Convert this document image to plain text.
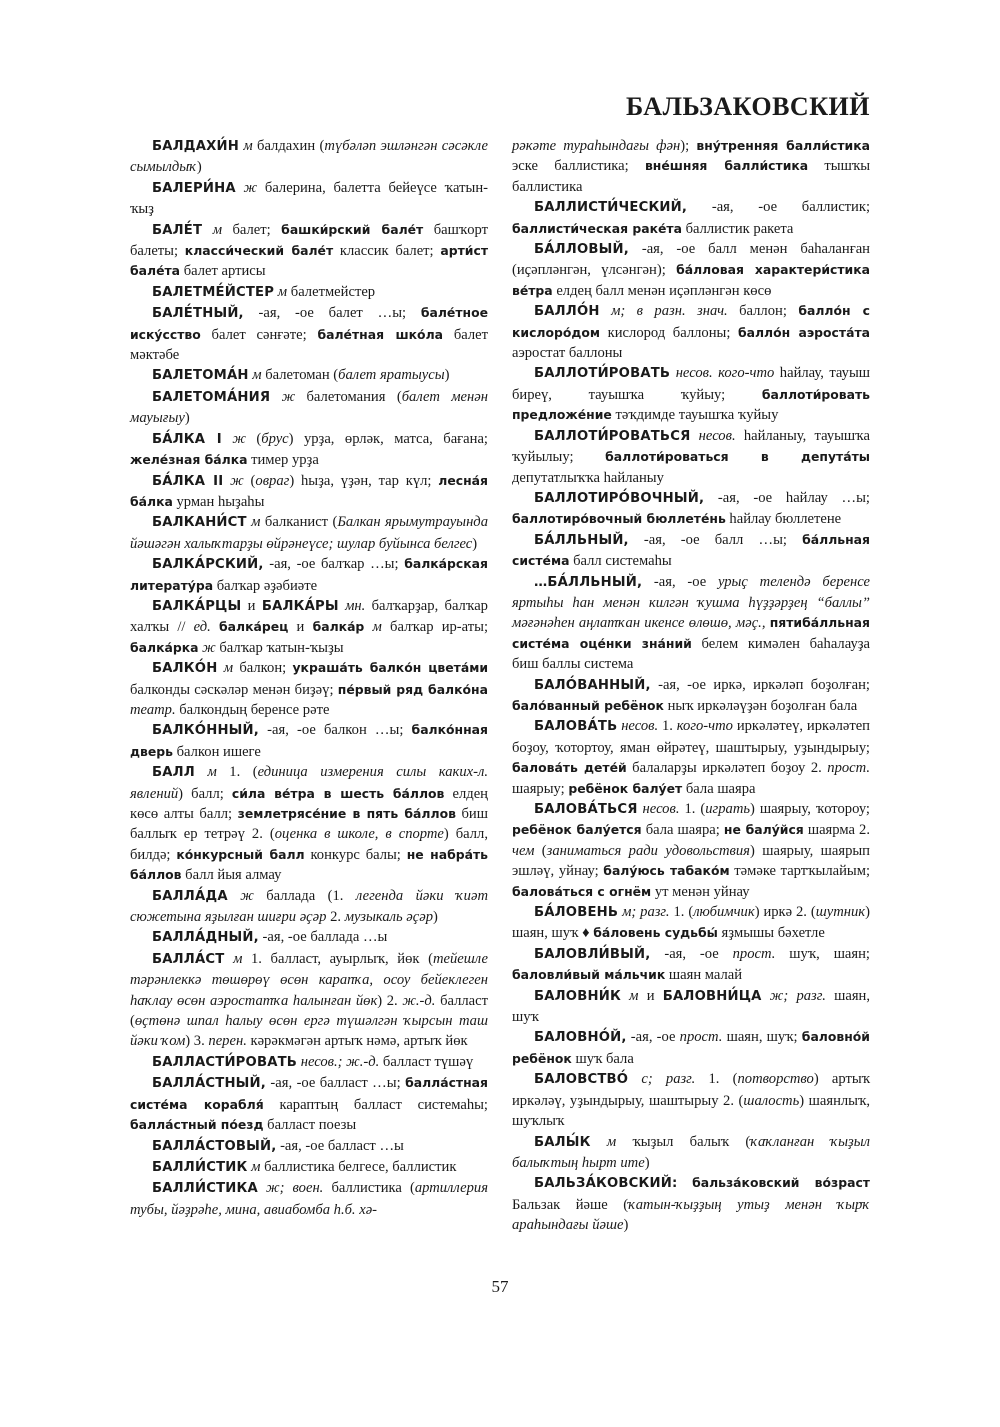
БАЛЬЗАКОВСКИЙ

БАЛДАХИ́Н м балдахин (түбәләп эшләнгән сәсәкле сымылдыҡ)

БАЛЕРИ́НА ж балерина, балетта бейеүсе ҡатын-ҡыҙ

БАЛЕ́Т м балет; башки́рский бале́т башҡорт балеты; класси́ческий бале́т классик балет; арти́ст бале́та балет артисы

БАЛЕТМЕ́ЙСТЕР м балетмейстер

БАЛЕ́ТНЫЙ, -ая, -ое балет …ы; бале́тное иску́сство балет сәнғәте; бале́тная шко́ла балет мәктәбе

БАЛЕТОМА́Н м балетоман (балет яратыусы)

БАЛЕТОМА́НИЯ ж балетомания (балет менән мауығыу)

БА́ЛКА I ж (брус) урҙа, өрләк, матса, бағана; желе́зная ба́лка тимер урҙа

БА́ЛКА II ж (овраг) һыҙа, үҙән, тар күл; лесна́я ба́лка урман һыҙаһы

БАЛКАНИ́СТ м балканист (Балкан ярымутрауында йәшәгән халыҡтарҙы өйрәнеүсе; шулар буйынса белгес)

БАЛКА́РСКИЙ, -ая, -ое балҡар …ы; балка́рская литерату́ра балҡар әҙәбиәте

БАЛКА́РЦЫ и БАЛКА́РЫ мн. балҡарҙар, балҡар халҡы // ед. балка́рец и балка́р м балҡар ир-аты; балка́рка ж балҡар ҡатын-ҡыҙы

БАЛКО́Н м балкон; украша́ть балко́н цвета́ми балконды сәскәләр менән биҙәү; пе́рвый ряд балко́на театр. балкондың беренсе рәте

БАЛКО́ННЫЙ, -ая, -ое балкон …ы; балко́нная дверь балкон ишеге

БАЛЛ м 1. (единица измерения силы каких-л. явлений) балл; си́ла ве́тра в шесть ба́ллов елдең көсө алты балл; землетрясе́ние в пять ба́ллов биш баллыҡ ер тетрәү 2. (оценка в школе, в спорте) балл, билдә; ко́нкурсный балл конкурс балы; не набра́ть ба́ллов балл йыя алмау

БАЛЛА́ДА ж баллада (1. легенда йәки ҡиәт сюжетына яҙылған шиғри әҫәр 2. музыкаль әҫәр)

БАЛЛА́ДНЫЙ, -ая, -ое баллада …ы

БАЛЛА́СТ м 1. балласт, ауырлыҡ, йөк (тейешле тәрәнлеккә төшөрөү өсөн карапҡа, осоу бейеклеген һаҡлау өсөн аэростатҡа һалынған йөк) 2. ж.-д. балласт (өҫтөнә шпал һалыу өсөн ергә түшәлгән ҡырсын таш йәки ҡом) 3. перен. кәрәкмәгән артыҡ нәмә, артыҡ йөк

БАЛЛАСТИ́РОВАТЬ несов.; ж.-д. балласт түшәү

БАЛЛА́СТНЫЙ, -ая, -ое балласт …ы; балла́стная систе́ма корабля́ караптың балласт системаһы; балла́стный по́езд балласт поезы

БАЛЛА́СТОВЫЙ, -ая, -ое балласт …ы

БАЛЛИ́СТИК м баллистика белгесе, баллистик

БАЛЛИ́СТИКА ж; воен. баллистика (артиллерия тубы, йәҙрәһе, мина, авиабомба h.б. хә-

рәкәте тураһындағы фән); вну́тренняя балли́стика эске баллистика; вне́шняя балли́стика тышҡы баллистика

БАЛЛИСТИ́ЧЕСКИЙ, -ая, -ое баллистик; баллисти́ческая раке́та баллистик ракета

БА́ЛЛОВЫЙ, -ая, -ое балл менән баһаланған (иҫәпләнгән, үлсәнгән); ба́лловая характери́стика ве́тра елдең балл менән иҫәпләнгән көсө

БАЛЛО́Н м; в разн. знач. баллон; балло́н с кислоро́дом кислород баллоны; балло́н аэроста́та аэростат баллоны

БАЛЛОТИ́РОВАТЬ несов. кого-что һайлау, тауыш биреү, тауышҡа ҡуйыу; баллоти́ровать предложе́ние тәҡдимде тауышҡа ҡуйыу

БАЛЛОТИ́РОВАТЬСЯ несов. һайланыу, тауышҡа ҡуйылыу; баллоти́роваться в депута́ты депутатлыҡҡа һайланыу

БАЛЛОТИРО́ВОЧНЫЙ, -ая, -ое һайлау …ы; баллотиро́вочный бюллете́нь һайлау бюллетене

БА́ЛЛЬНЫЙ, -ая, -ое балл …ы; ба́лльная систе́ма балл системаһы

…БА́ЛЛЬНЫЙ, -ая, -ое урыҫ телендә беренсе яртыһы һан менән килгән ҡушма һүҙҙәрҙең “баллы” мәғәнәһен аңлатҡан икенсе өлөшө, мәҫ., пятиба́лльная систе́ма оце́нки зна́ний белем кимәлен баһалауҙа биш баллы система

БАЛО́ВАННЫЙ, -ая, -ое иркә, иркәләп боҙолған; бало́ванный ребёнок ныҡ иркәләүҙән боҙолған бала

БАЛОВА́ТЬ несов. 1. кого-что иркәләтеү, иркәләтеп боҙоу, ҡотортоу, яман өйрәтеү, шаштырыу, уҙындырыу; балова́ть дете́й балаларҙы иркәләтеп боҙоу 2. прост. шаярыу; ребёнок балу́ет бала шаяра

БАЛОВА́ТЬСЯ несов. 1. (играть) шаярыу, ҡотороу; ребёнок балу́ется бала шаяра; не балу́йся шаярма 2. чем (заниматься ради удовольствия) шаярыу, шаярып эшләү, уйнау; балу́юсь табако́м тәмәке тартҡылайым; балова́ться с огнём ут менән уйнау

БА́ЛОВЕНЬ м; разг. 1. (любимчик) иркә 2. (шутник) шаян, шуҡ ♦ ба́ловень судьбы́ яҙмышы бәхетле

БАЛОВЛИ́ВЫЙ, -ая, -ое прост. шуҡ, шаян; баловли́вый ма́льчик шаян малай

БАЛОВНИ́К м и БАЛОВНИ́ЦА ж; разг. шаян, шуҡ

БАЛОВНО́Й, -ая, -ое прост. шаян, шуҡ; баловно́й ребёнок шуҡ бала

БАЛОВСТВО́ с; разг. 1. (потворство) артыҡ иркәләү, уҙындырыу, шаштырыу 2. (шалость) шаянлыҡ, шуҡлыҡ

БАЛЫ́К м ҡыҙыл балыҡ (ҡаҡланған ҡыҙыл балыҡтың һырт ите)

БАЛЬЗА́КОВСКИЙ: бальза́ковский во́зраст Бальзак йәше (ҡатын-ҡыҙҙың утыҙ менән ҡырҡ араһындағы йәше)

57
